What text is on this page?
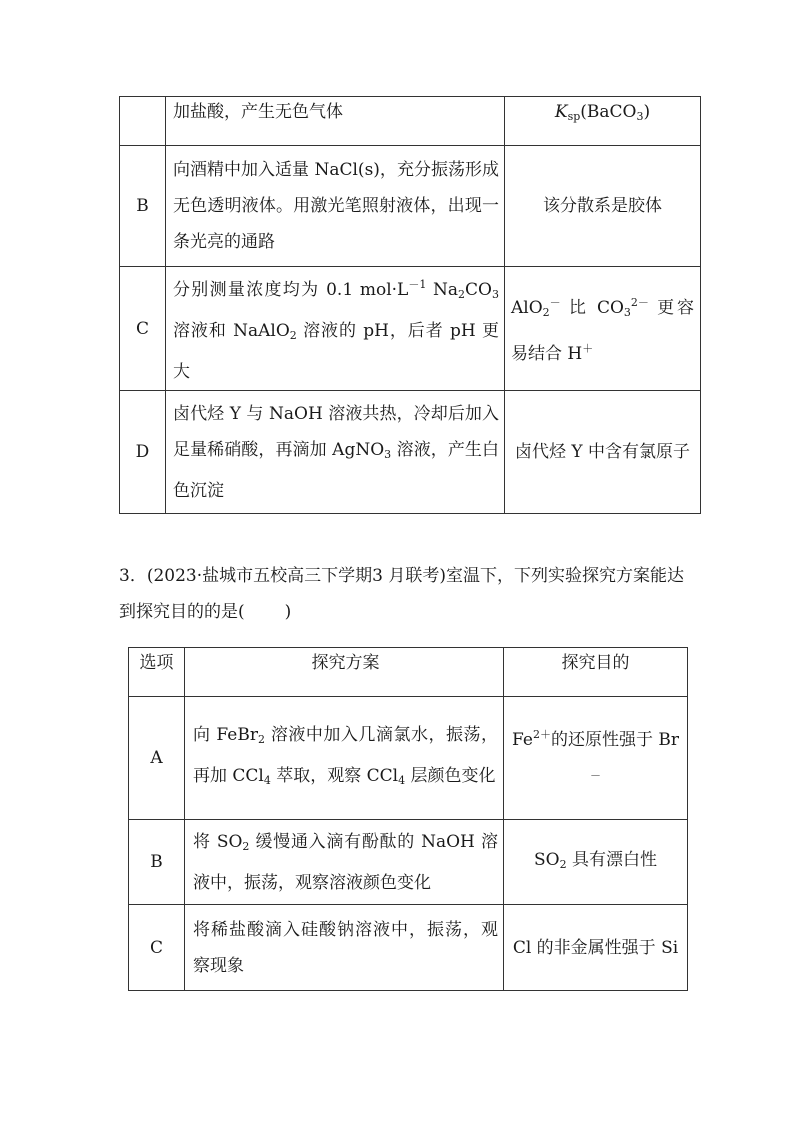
	加盐酸，产生无色气体	$K_{sp}(BaCO_3)$
B	向酒精中加入适量 NaCl(s)，充分振荡形成无色透明液体。用激光笔照射液体，出现一条光亮的通路	该分散系是胶体
C	分别测量浓度均为 0.1 $mol\cdot L^{-1}$ $Na_2CO_3$ 溶液和 NaAlO$_2$ 溶液的 pH，后者 pH 更大	AlO$_2$－ 比 $CO_3^{2-}$ 更容易结合 H＋
D	卤代烃 Y 与 NaOH 溶液共热，冷却后加入足量稀硝酸，再滴加 AgNO$_3$ 溶液，产生白色沉淀	卤代烃 Y 中含有氯原子
3．(2023·盐城市五校高三下学期3 月联考)室温下，下列实验探究方案能达到探究目的的是( )
选项	探究方案	探究目的
A	向 FeBr$_2$ 溶液中加入几滴氯水，振荡，再加 CCl$_4$ 萃取，观察 CCl$_4$ 层颜色变化	$Fe^{2+}$的还原性强于 Br－
B	将 $SO_2$ 缓慢通入滴有酚酞的 NaOH 溶液中，振荡，观察溶液颜色变化	$SO_2$ 具有漂白性
C	将稀盐酸滴入硅酸钠溶液中，振荡，观察现象	Cl 的非金属性强于 Si
